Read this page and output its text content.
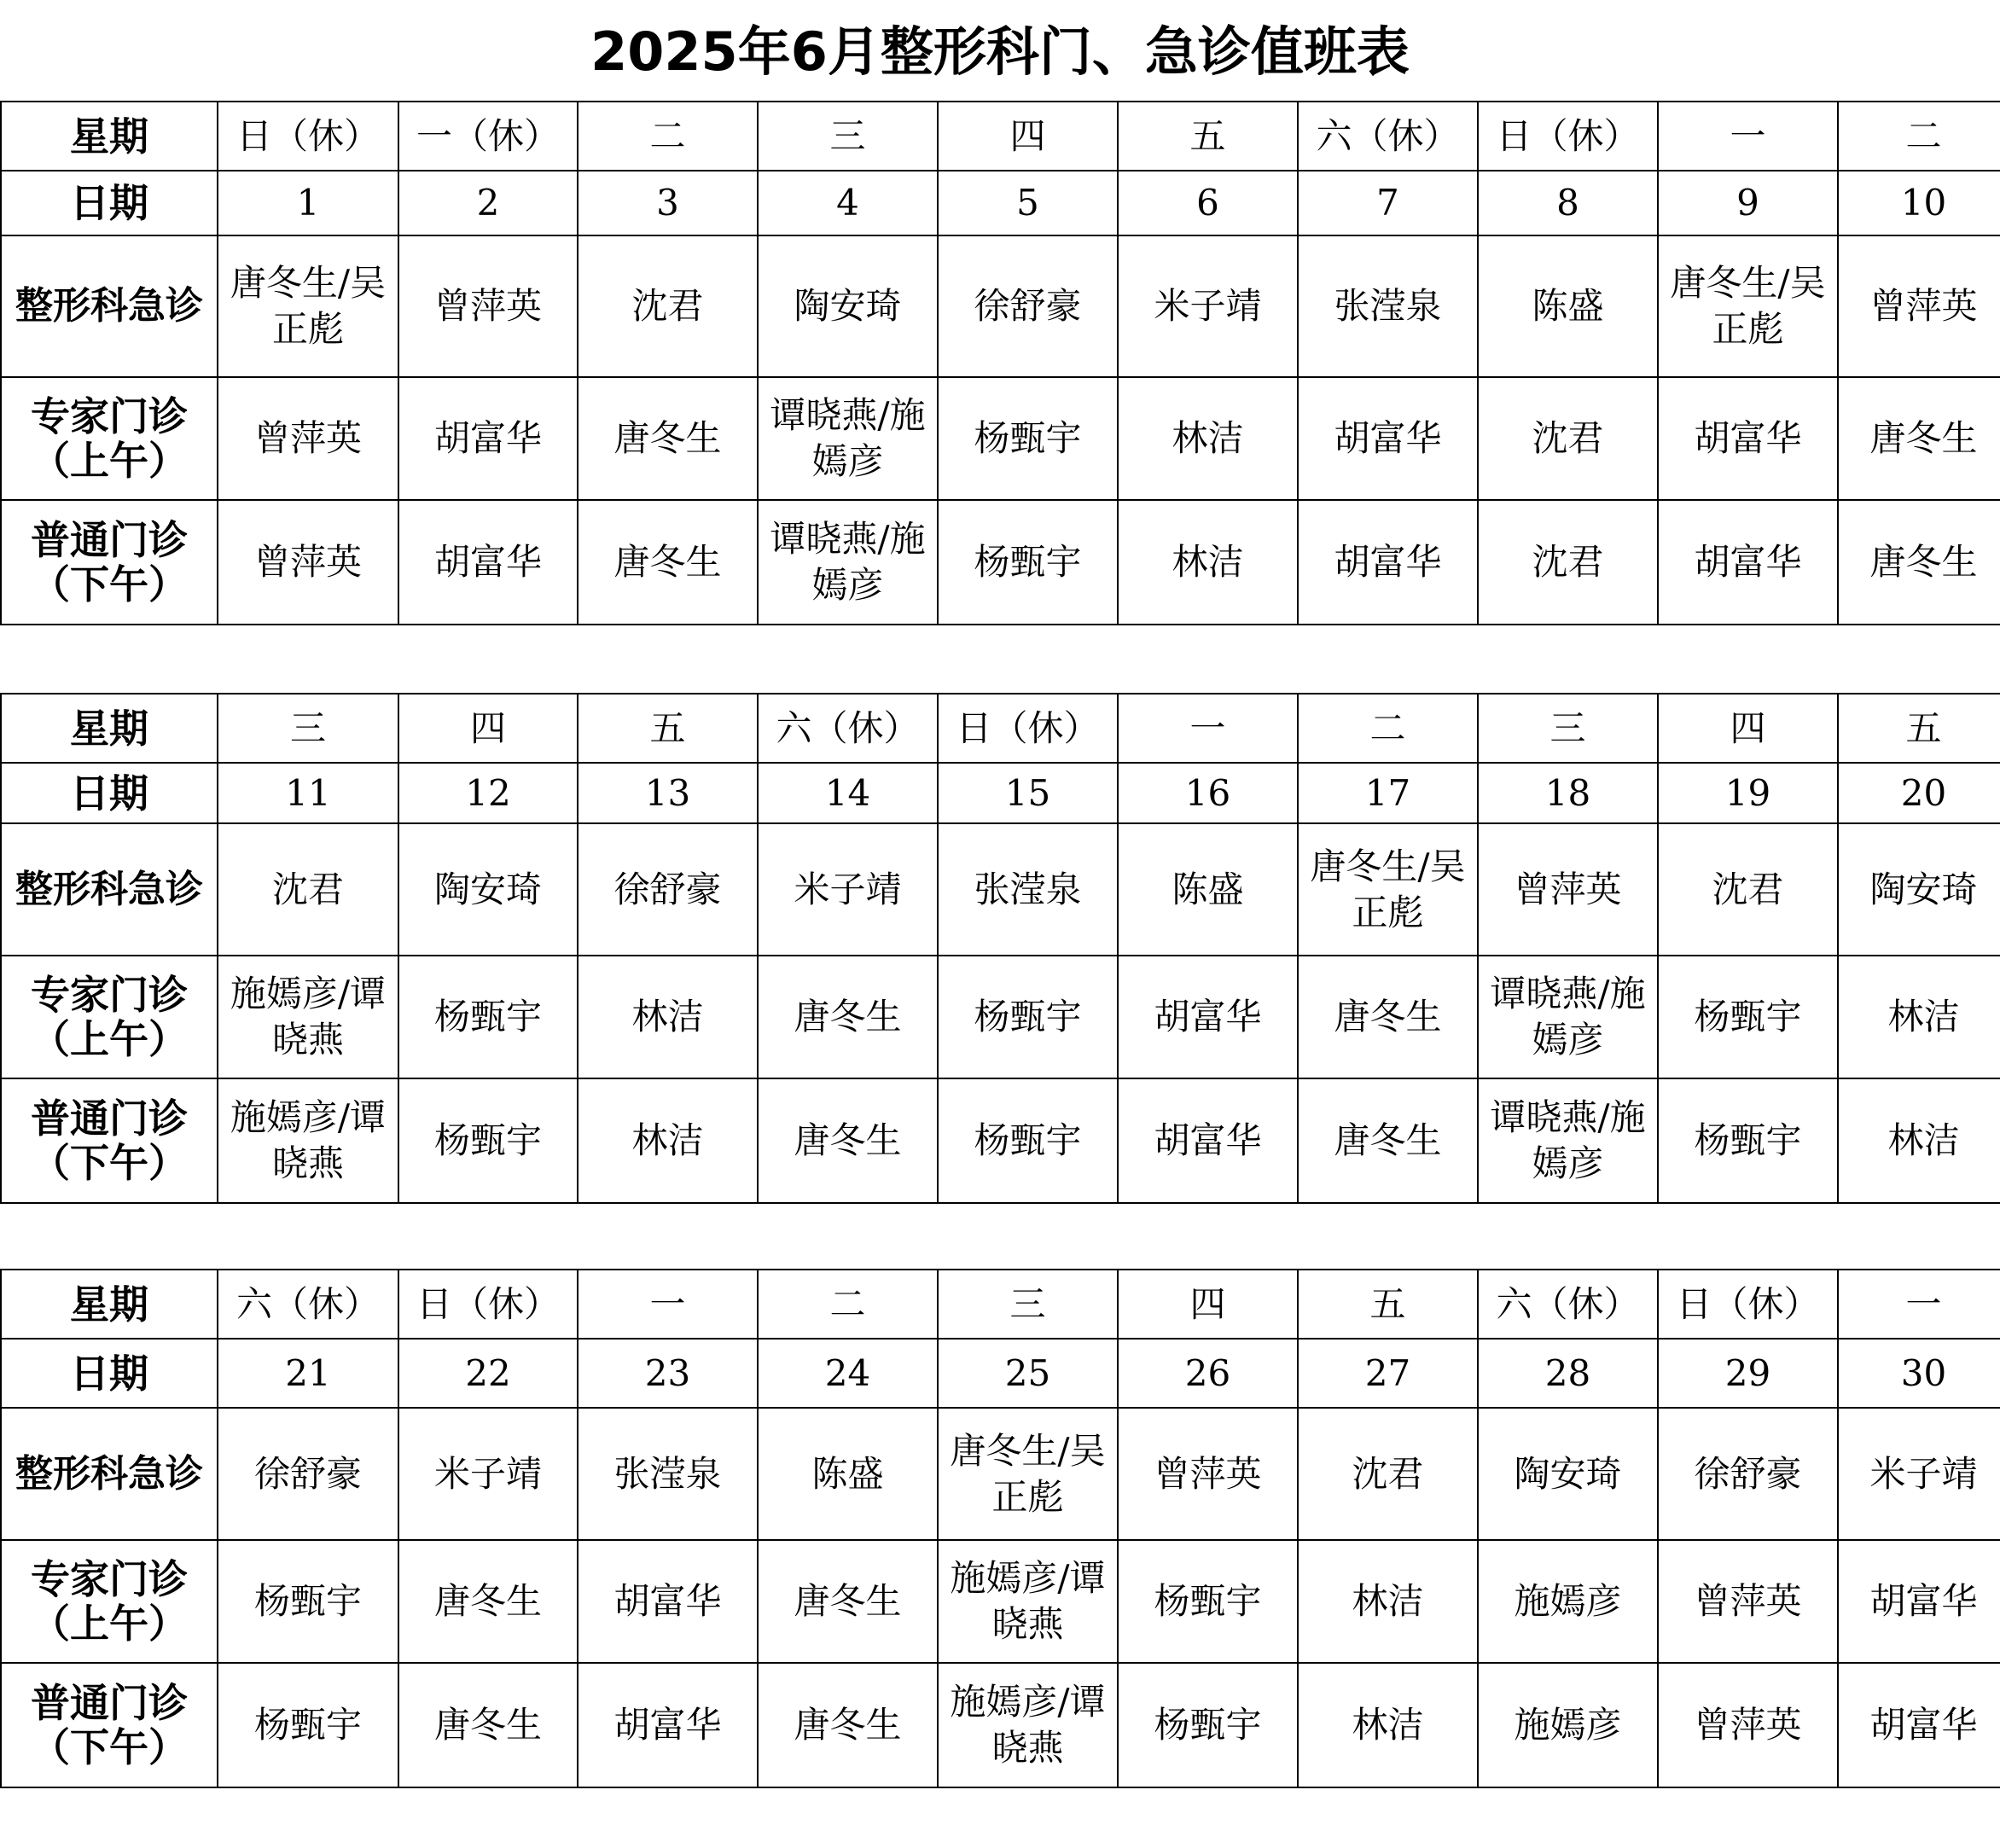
2025年6月整形科门、急诊值班表
星期	日（休）	一（休）	二	三	四	五	六（休）	日（休）	一	二
日期	1	2	3	4	5	6	7	8	9	10
整形科急诊	唐冬生/吴正彪	曾萍英	沈君	陶安琦	徐舒豪	米子靖	张滢泉	陈盛	唐冬生/吴正彪	曾萍英

专家门诊
（上午）	曾萍英	胡富华	唐冬生	谭晓燕/施嫣彦	杨甄宇	林洁	胡富华	沈君	胡富华	唐冬生

普通门诊
（下午）	曾萍英	胡富华	唐冬生	谭晓燕/施嫣彦	杨甄宇	林洁	胡富华	沈君	胡富华	唐冬生
星期	三	四	五	六（休）	日（休）	一	二	三	四	五
日期	11	12	13	14	15	16	17	18	19	20
整形科急诊	沈君	陶安琦	徐舒豪	米子靖	张滢泉	陈盛	唐冬生/吴正彪	曾萍英	沈君	陶安琦

专家门诊
（上午）	施嫣彦/谭晓燕	杨甄宇	林洁	唐冬生	杨甄宇	胡富华	唐冬生	谭晓燕/施嫣彦	杨甄宇	林洁

普通门诊
（下午）	施嫣彦/谭晓燕	杨甄宇	林洁	唐冬生	杨甄宇	胡富华	唐冬生	谭晓燕/施嫣彦	杨甄宇	林洁
星期	六（休）	日（休）	一	二	三	四	五	六（休）	日（休）	一
日期	21	22	23	24	25	26	27	28	29	30
整形科急诊	徐舒豪	米子靖	张滢泉	陈盛	唐冬生/吴正彪	曾萍英	沈君	陶安琦	徐舒豪	米子靖

专家门诊
（上午）	杨甄宇	唐冬生	胡富华	唐冬生	施嫣彦/谭晓燕	杨甄宇	林洁	施嫣彦	曾萍英	胡富华

普通门诊
（下午）	杨甄宇	唐冬生	胡富华	唐冬生	施嫣彦/谭晓燕	杨甄宇	林洁	施嫣彦	曾萍英	胡富华
